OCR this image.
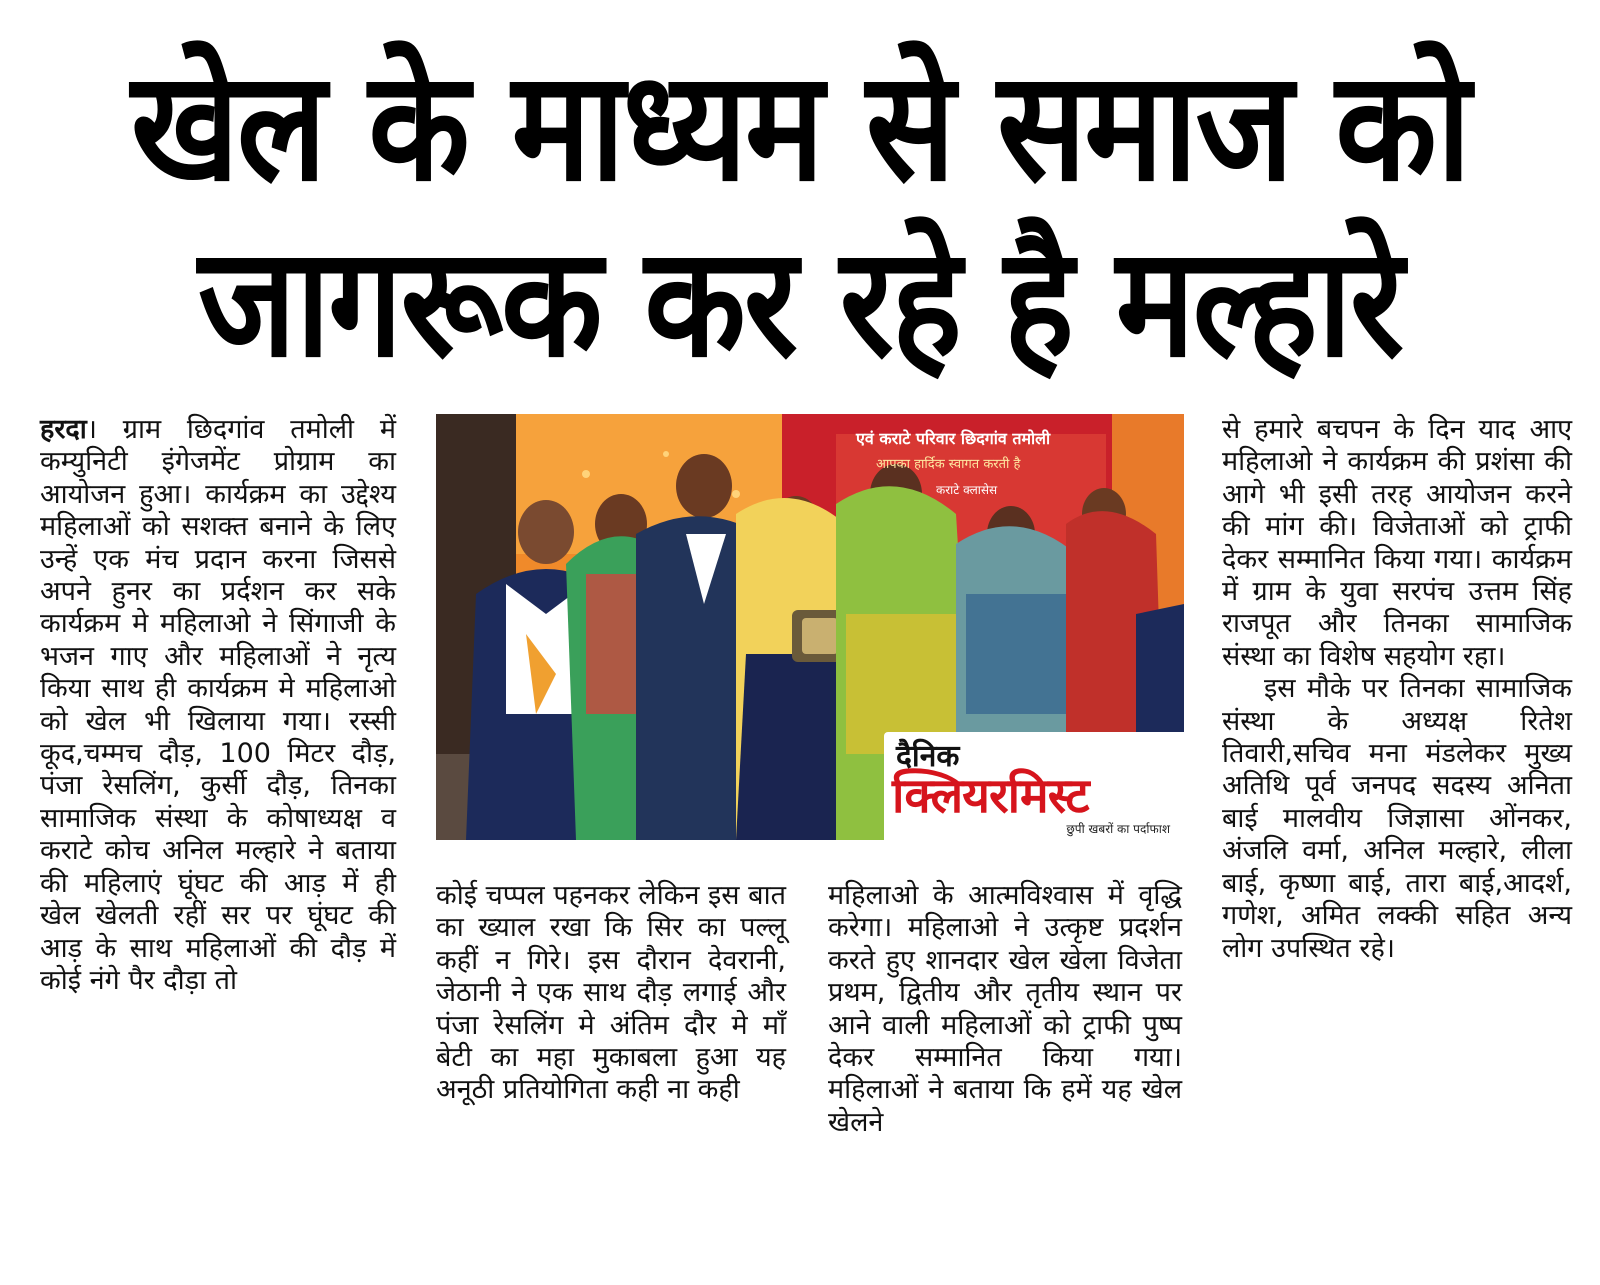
खेल के माध्यम से समाज को
जागरूक कर रहे है मल्हारे
हरदा। ग्राम छिदगांव तमोली में कम्युनिटी इंगेजमेंट प्रोग्राम का आयोजन हुआ। कार्यक्रम का उद्देश्य महिलाओं को सशक्त बनाने के लिए उन्हें एक मंच प्रदान करना जिससे अपने हुनर का प्रर्दशन कर सके कार्यक्रम मे महिलाओ ने सिंगाजी के भजन गाए और महिलाओं ने नृत्य किया साथ ही कार्यक्रम मे महिलाओ को खेल भी खिलाया गया। रस्सी कूद,चम्मच दौड़, 100 मिटर दौड़, पंजा रेसलिंग, कुर्सी दौड़, तिनका सामाजिक संस्था के कोषाध्यक्ष व कराटे कोच अनिल मल्हारे ने बताया की महिलाएं घूंघट की आड़ में ही खेल खेलती रहीं सर पर घूंघट की आड़ के साथ महिलाओं की दौड़ में कोई नंगे पैर दौड़ा तो
एवं कराटे परिवार छिदगांव तमोली
आपका हार्दिक स्वागत करती है
कराटे क्लासेस
दैनिक
क्लियरमिस्ट
छुपी खबरों का पर्दाफाश
कोई चप्पल पहनकर लेकिन इस बात का ख्याल रखा कि सिर का पल्लू कहीं न गिरे। इस दौरान देवरानी, जेठानी ने एक साथ दौड़ लगाई और पंजा रेसलिंग मे अंतिम दौर मे माँ बेटी का महा मुकाबला हुआ यह अनूठी प्रतियोगिता कही ना कही
महिलाओ के आत्मविश्वास में वृद्धि करेगा। महिलाओ ने उत्कृष्ट प्रदर्शन करते हुए शानदार खेल खेला विजेता प्रथम, द्वितीय और तृतीय स्थान पर आने वाली महिलाओं को ट्राफी पुष्प देकर सम्मानित किया गया। महिलाओं ने बताया कि हमें यह खेल खेलने
से हमारे बचपन के दिन याद आए महिलाओ ने कार्यक्रम की प्रशंसा की आगे भी इसी तरह आयोजन करने की मांग की। विजेताओं को ट्राफी देकर सम्मानित किया गया। कार्यक्रम में ग्राम के युवा सरपंच उत्तम सिंह राजपूत और तिनका सामाजिक संस्था का विशेष सहयोग रहा।
इस मौके पर तिनका सामाजिक संस्था के अध्यक्ष रितेश तिवारी,सचिव मना मंडलेकर मुख्य अतिथि पूर्व जनपद सदस्य अनिता बाई मालवीय जिज्ञासा ओंनकर, अंजलि वर्मा, अनिल मल्हारे, लीला बाई, कृष्णा बाई, तारा बाई,आदर्श, गणेश, अमित लक्की सहित अन्य लोग उपस्थित रहे।
